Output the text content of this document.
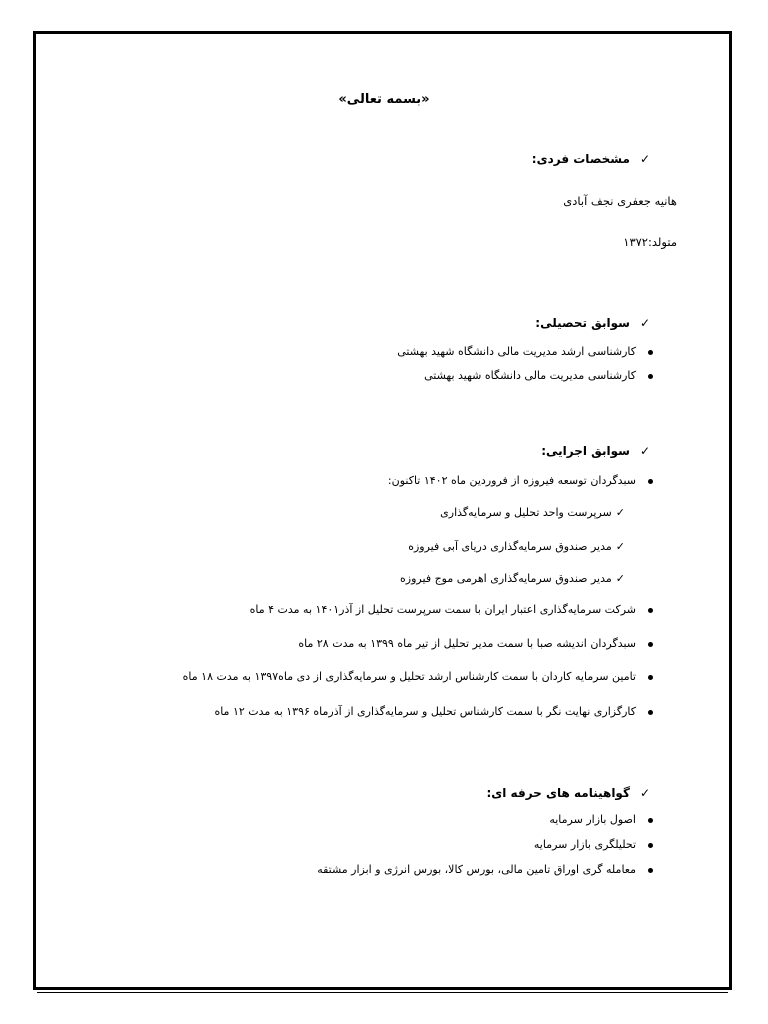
«بسمه تعالی»
✓مشخصات فردی:
هانیه جعفری نجف آبادی
متولد:۱۳۷۲
✓سوابق تحصیلی:
کارشناسی ارشد مدیریت مالی دانشگاه شهید بهشتی
کارشناسی مدیریت مالی دانشگاه شهید بهشتی
✓سوابق اجرایی:
سبدگردان توسعه فیروزه از فروردین ماه ۱۴۰۲ تاکنون:
✓سرپرست واحد تحلیل و سرمایه‌گذاری
✓مدیر صندوق سرمایه‌گذاری دریای آبی فیروزه
✓مدیر صندوق سرمایه‌گذاری اهرمی موج فیروزه
شرکت سرمایه‌گذاری اعتبار ایران با سمت سرپرست تحلیل از آذر۱۴۰۱ به مدت ۴ ماه
سبدگردان اندیشه صبا با سمت مدیر تحلیل از تیر ماه ۱۳۹۹ به مدت ۲۸ ماه
تامین سرمایه کاردان با سمت کارشناس ارشد تحلیل و سرمایه‌گذاری از دی ماه۱۳۹۷ به مدت ۱۸ ماه
کارگزاری نهایت نگر با سمت کارشناس تحلیل و سرمایه‌گذاری از آذرماه ۱۳۹۶ به مدت ۱۲ ماه
✓گواهینامه های حرفه ای:
اصول بازار سرمایه
تحلیلگری بازار سرمایه
معامله گری اوراق تامین مالی، بورس کالا، بورس انرژی و ابزار مشتقه
